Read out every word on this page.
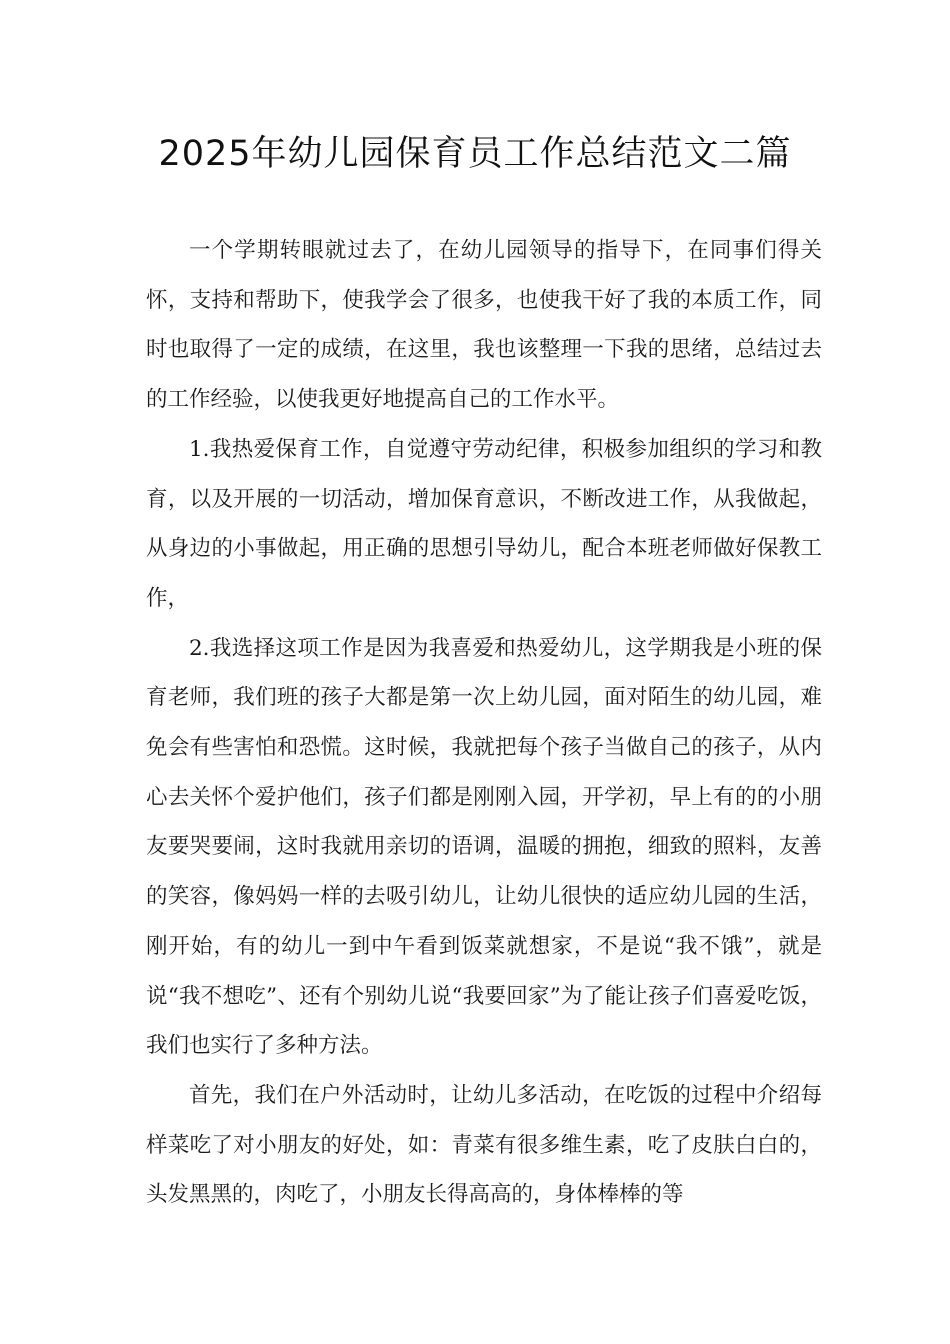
2025年幼儿园保育员工作总结范文二篇

一个学期转眼就过去了，在幼儿园领导的指导下，在同事们得关怀，支持和帮助下，使我学会了很多，也使我干好了我的本质工作，同时也取得了一定的成绩，在这里，我也该整理一下我的思绪，总结过去的工作经验，以使我更好地提高自己的工作水平。

1.我热爱保育工作，自觉遵守劳动纪律，积极参加组织的学习和教育，以及开展的一切活动，增加保育意识，不断改进工作，从我做起，从身边的小事做起，用正确的思想引导幼儿，配合本班老师做好保教工作，

2.我选择这项工作是因为我喜爱和热爱幼儿，这学期我是小班的保育老师，我们班的孩子大都是第一次上幼儿园，面对陌生的幼儿园，难免会有些害怕和恐慌。这时候，我就把每个孩子当做自己的孩子，从内心去关怀个爱护他们，孩子们都是刚刚入园，开学初，早上有的的小朋友要哭要闹，这时我就用亲切的语调，温暖的拥抱，细致的照料，友善的笑容，像妈妈一样的去吸引幼儿，让幼儿很快的适应幼儿园的生活，刚开始，有的幼儿一到中午看到饭菜就想家，不是说“我不饿”，就是说“我不想吃”、还有个别幼儿说“我要回家”为了能让孩子们喜爱吃饭，我们也实行了多种方法。

首先，我们在户外活动时，让幼儿多活动，在吃饭的过程中介绍每样菜吃了对小朋友的好处，如：青菜有很多维生素，吃了皮肤白白的，头发黑黑的，肉吃了，小朋友长得高高的，身体棒棒的等
